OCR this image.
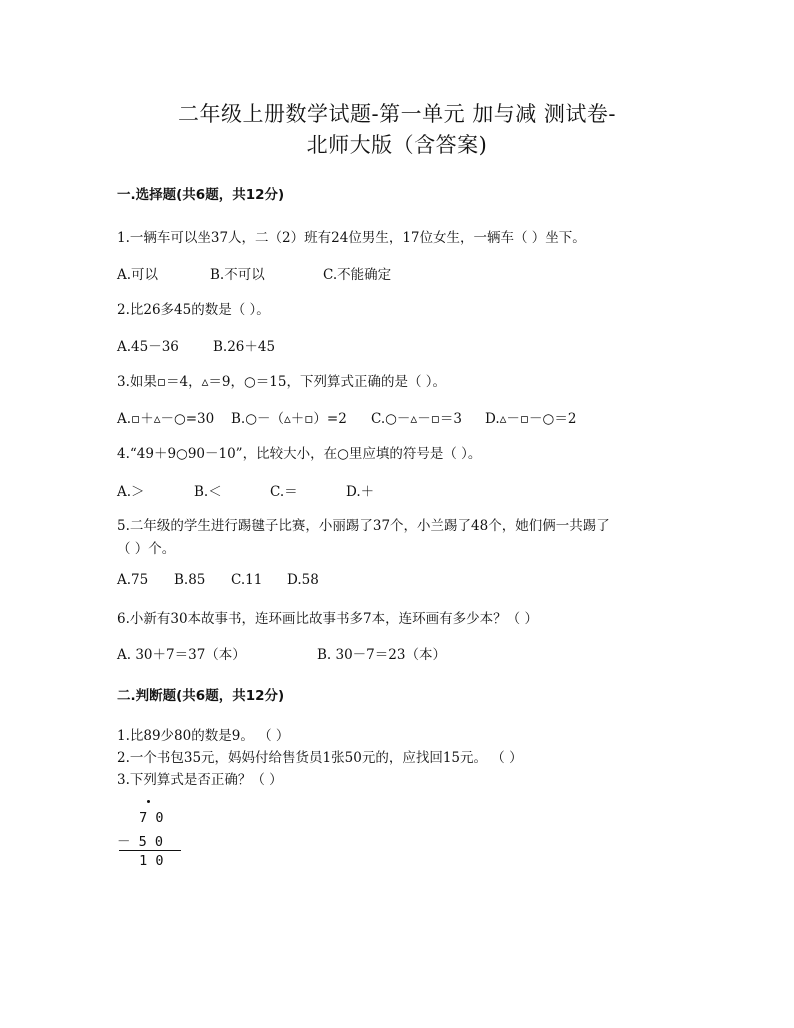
二年级上册数学试题-第一单元 加与减 测试卷-
北师大版（含答案)
一.选择题(共6题，共12分)
1.一辆车可以坐37人，二（2）班有24位男生，17位女生，一辆车（ ）坐下。
A.可以	B.不可以	C.不能确定
2.比26多45的数是（ ）。
A.45－36	B.26＋45
3.如果▫＝4，▵＝9，○＝15，下列算式正确的是（ ）。
A.▫＋▵－○=30 B.○－（▵＋▫）=2 C.○－▵－▫＝3 D.▵－▫－○＝2
4.“49＋9○90－10”，比较大小，在○里应填的符号是（ ）。
A.＞	B.＜	C.＝	D.＋
5.二年级的学生进行踢毽子比赛，小丽踢了37个，小兰踢了48个，她们俩一共踢了
（ ）个。
A.75 B.85 C.11 D.58
6.小新有30本故事书，连环画比故事书多7本，连环画有多少本？（ ）
A. 30＋7＝37（本）	B. 30－7＝23（本）
二.判断题(共6题，共12分)
1.比89少80的数是9。 （ ）
2.一个书包35元，妈妈付给售货员1张50元的，应找回15元。 （ ）
3.下列算式是否正确？（ ）
7 0
－ 5 0
1 0
